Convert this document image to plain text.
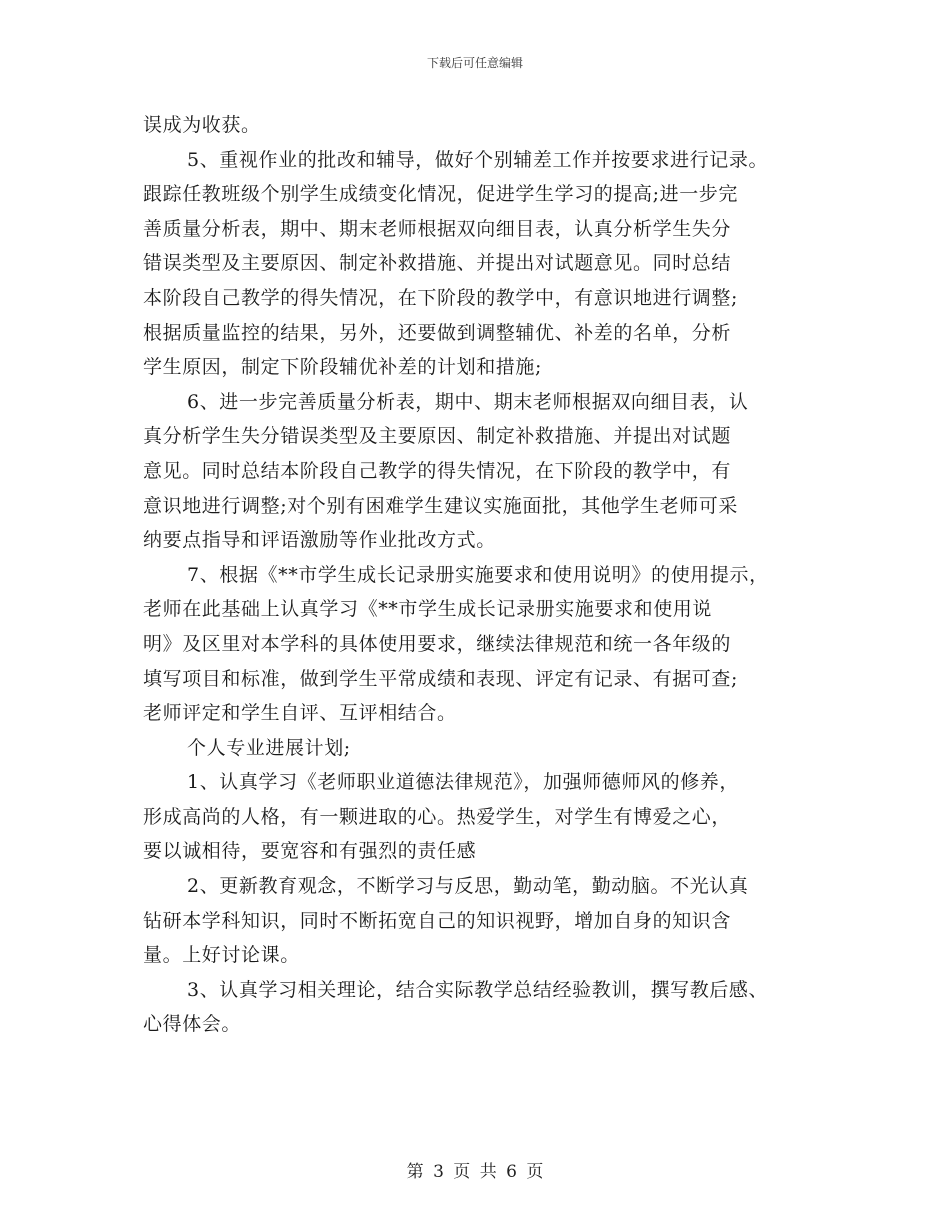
下载后可任意编辑
误成为收获。
5、重视作业的批改和辅导，做好个别辅差工作并按要求进行记录。
跟踪任教班级个别学生成绩变化情况，促进学生学习的提高;进一步完
善质量分析表，期中、期末老师根据双向细目表，认真分析学生失分
错误类型及主要原因、制定补救措施、并提出对试题意见。同时总结
本阶段自己教学的得失情况，在下阶段的教学中，有意识地进行调整;
根据质量监控的结果，另外，还要做到调整辅优、补差的名单，分析
学生原因，制定下阶段辅优补差的计划和措施;
6、进一步完善质量分析表，期中、期末老师根据双向细目表，认
真分析学生失分错误类型及主要原因、制定补救措施、并提出对试题
意见。同时总结本阶段自己教学的得失情况，在下阶段的教学中，有
意识地进行调整;对个别有困难学生建议实施面批，其他学生老师可采
纳要点指导和评语激励等作业批改方式。
7、根据《**市学生成长记录册实施要求和使用说明》的使用提示，
老师在此基础上认真学习《**市学生成长记录册实施要求和使用说
明》及区里对本学科的具体使用要求，继续法律规范和统一各年级的
填写项目和标准，做到学生平常成绩和表现、评定有记录、有据可查;
老师评定和学生自评、互评相结合。
个人专业进展计划;
1、认真学习《老师职业道德法律规范》，加强师德师风的修养，
形成高尚的人格，有一颗进取的心。热爱学生，对学生有博爱之心，
要以诚相待，要宽容和有强烈的责任感
2、更新教育观念，不断学习与反思，勤动笔，勤动脑。不光认真
钻研本学科知识，同时不断拓宽自己的知识视野，增加自身的知识含
量。上好讨论课。
3、认真学习相关理论，结合实际教学总结经验教训，撰写教后感、
心得体会。
第 3 页 共 6 页
